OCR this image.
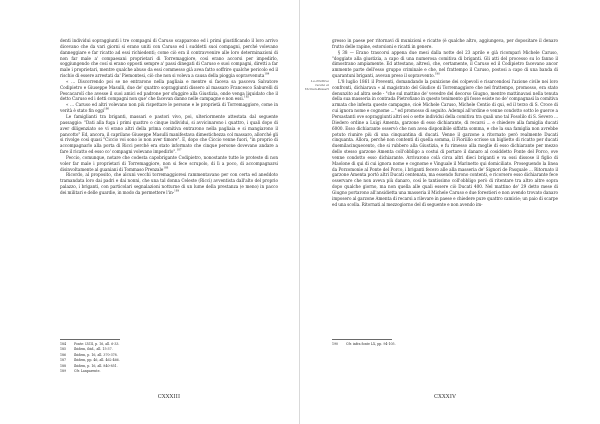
denti individui sopraggiunti i tre compagni di Caruso scapparono ed i primi giustificando il loro arrivo dicevano che da vari giorni si erano uniti con Caruso ed i suddetti suoi compagni, perché volevano danneggiare e far ricatto ad essi richiedenti; come ciò era il contravvenire alle loro determinazioni di non far male a' compaesani proprietari di Torremaggiore, così erano accorsi per impedirlo, soggiungendo che cosí si erano opposti sempre a' passi dinegati di Caruso e suoi compagni, diretti a far male i proprietari, mentre qualche abuso da essi commesso già avea fatto soffrire qualche pericolo ed il rischio di essere arrestati da' Piemontesi, ciò che non si voleva a causa della pioggia sopravvenuta$^{184}$

« … Discorrendo poi se ne entrarono nella pagliaia e mentre si faceva sa pasceva Salvatore Codipietro e Giuseppe Masulli, due de' quattro sopraggiunti dissero al massaro Francesco Saburelli di Pescacarolí che avesse il suoi amici ed padrone per sfuggire alla Giustizia, onde venga liquidato che il detto Caruso ed i detti compagni non que' che facevan danno nelle campagne e non essi.$^{185}$

« … Caruso ed altri volevano non più rispettare le persone e le proprietà di Torremaggiore, come in verità è stato fin oggi$^{186}$

Le famiglianti tra briganti, massari e pastori vivo, poi, ulteriormente attestata dal seguente passaggio: "Dati alla fuga i primi quattro o cinque individui, si avvicinarono i quattro, i quali dopo di aver diligenziato se vi erano altri della prima comitiva entrarono nella pagliaia e si mangiarono il pancotto" Ed, ancora, il caprilano Giuseppe Masulli manifestava dimestichezza col massaro, allorché gli si rivolge così quasi "Ciccio voi sono io non aver timore". E, dopo che Ciccio venne fuori, "in proprio di accompagnarlo alla porta di Ricci perché era stato informato che cinque persone dovevano andare a fare il ricatto ed esso co' compagni volevano impedirlo".$^{187}$

Peccio, comunque, notare che codesta capobrigante Codipietro, nonostante tutte le proteste di non voler far male i proprietari di Torremaggiore, non si fece scrupolo, di lì a poco, di accompagnarsi disinvoltamente al guaniani di Tommaso Prenzale$^{188}$

Ricordo, al proposito, che alcuni vecchi torremaggioresi rammentavano per con certa ed aneddoto tramandata loro dai padri e dai nonni, che una tal donna Celeste (Ricci) avventista dall'alto del proprio palazzo, i briganti, con particolari segnalazioni notturne di un lume della prestanza (e meno) in pacco dei militari e delle guardie, in modo da permettere l'in-$^{189}$

184	Fonte: LVIII, p. 16, all. 6-33.
185	Ibidem, ibid., all. 15-37.
186	Ibidem, p. 16, all. 370-378.
187	Ibidem, pp. 46, all. 462-466.
188	Ibidem, p. 16, all. 840-851.
189	Cfr. Lanparente.
CXXXIII
La direttiva recata ai Vicinan-Passeri

gresso in paese per ritornavi di munizioni e ricatte (è qualche altro, aggiungeva, per dopositare il denaro frutto delle rapine, estorsioni e ricatti in genere.

§ 38 — Erano trascorsi appena due mesi dalla notte del 23 aprile e già ricomparì Michele Caruso, "doggiato alla giustizia, a capo di una numerosa comitiva di briganti. Gli atti del processo su lo fanno il dimostrano ampiamente. Ed attestano, altresì, che, certamente, il Caruso ed il Codipietro facevano ancor ammente parte dell'esso gruppo criminale e che, nel frattempo il Caruso, postosi a capo di una banda di quarantuni briganti, avevan preso il sopravvento.$^{190}$

L'8 luglio 1861 il Preventi, domandando la punizione dei colpevoli e risarcendosi l'azione civile nei loro confronti, dichiarava « al magistrato del Giudice di Torremaggiore che nel frattempo, promosso, era stato denunzito ad altra sede - "che sul mattino de' vevedre del decorso Giugno, mentre mattinavasi nella tenuta della sua masseria in contrada Pietrofiano in questo tenimento gli fosse esiste no de' compagnasì la comitiva armata che infesta queste campagne, cioè Michele Caruso, Michele Centio di qui, ed il terzo di S. Croce di cui ignora nome e cognome ..." ed promosso di seguito. Adempì all'ordine e venne condotto sotto le guerce a Persastanti ove sopraggiunti altri sei o sette individui della comitiva tra quali uno tal Fosolilo di S. Severo ... Diedero ordine a Luigi Amenta, garzone di esso dichiarante, di recarsi ... e chiedere alla famiglia ducati 6000. Esso dichiarante osservò che non avea disponibile siffatta somma, e che la sua famiglia non avrebbe potuto riunire più di una cinquantina di ducati. Venne il garzone a ritornato però realmente Ducati cinquanta. Allora, perché non contenti di quella somma, il Fioriillo scrisse un biglietto di ricatto per ducati duemilacinquecento, che si rubbero alla Giustizia, e fu rimesso alla moglie di esso dichiarante per mezzo dello stesso garzone Amenta coll'obbligo a costui di portare il danaro al cosiddetto Ponte del Porco, ove venne condotto esso dichiarante. Arrivarono colà circa altri dieci briganti e va ossi dissose il figlio di Maolone di qui di cui ignora nome e cognome e Vinguale il Marinetto qui domiciliato. Proseguendo la linea da Porzomonie al Ponte del Porco, i briganti fecero alle alla masseria de' Signori de Pasquale ... Ritornato il garzone Amenta portò altri Ducati centenata, ma essendo furono contenti, e ricorsero esso dichiarante fece osservare che non aveva più danaro, così le tantissimo coll'obbligo però di ritentare tra altro altre sopra dopo qualche giorno, ma non quella alle quali essere ciò Ducati 400. Nel mattino de' 29 detto mese di Giugno portarono all'ansidietta una masseria il Michele Caruso e due forestieri e non avendo trovato danaro imposero al garzone Amenta di recarsi a rilevare in paese e chiedere pure quattro camicie; un paio di scarpe ed una scolla. Ritornati al mezzogiorno del dì seguente e non avendo im-

190	Cfr. infra fonte LX, pp. 94-105.
CXXXIV
